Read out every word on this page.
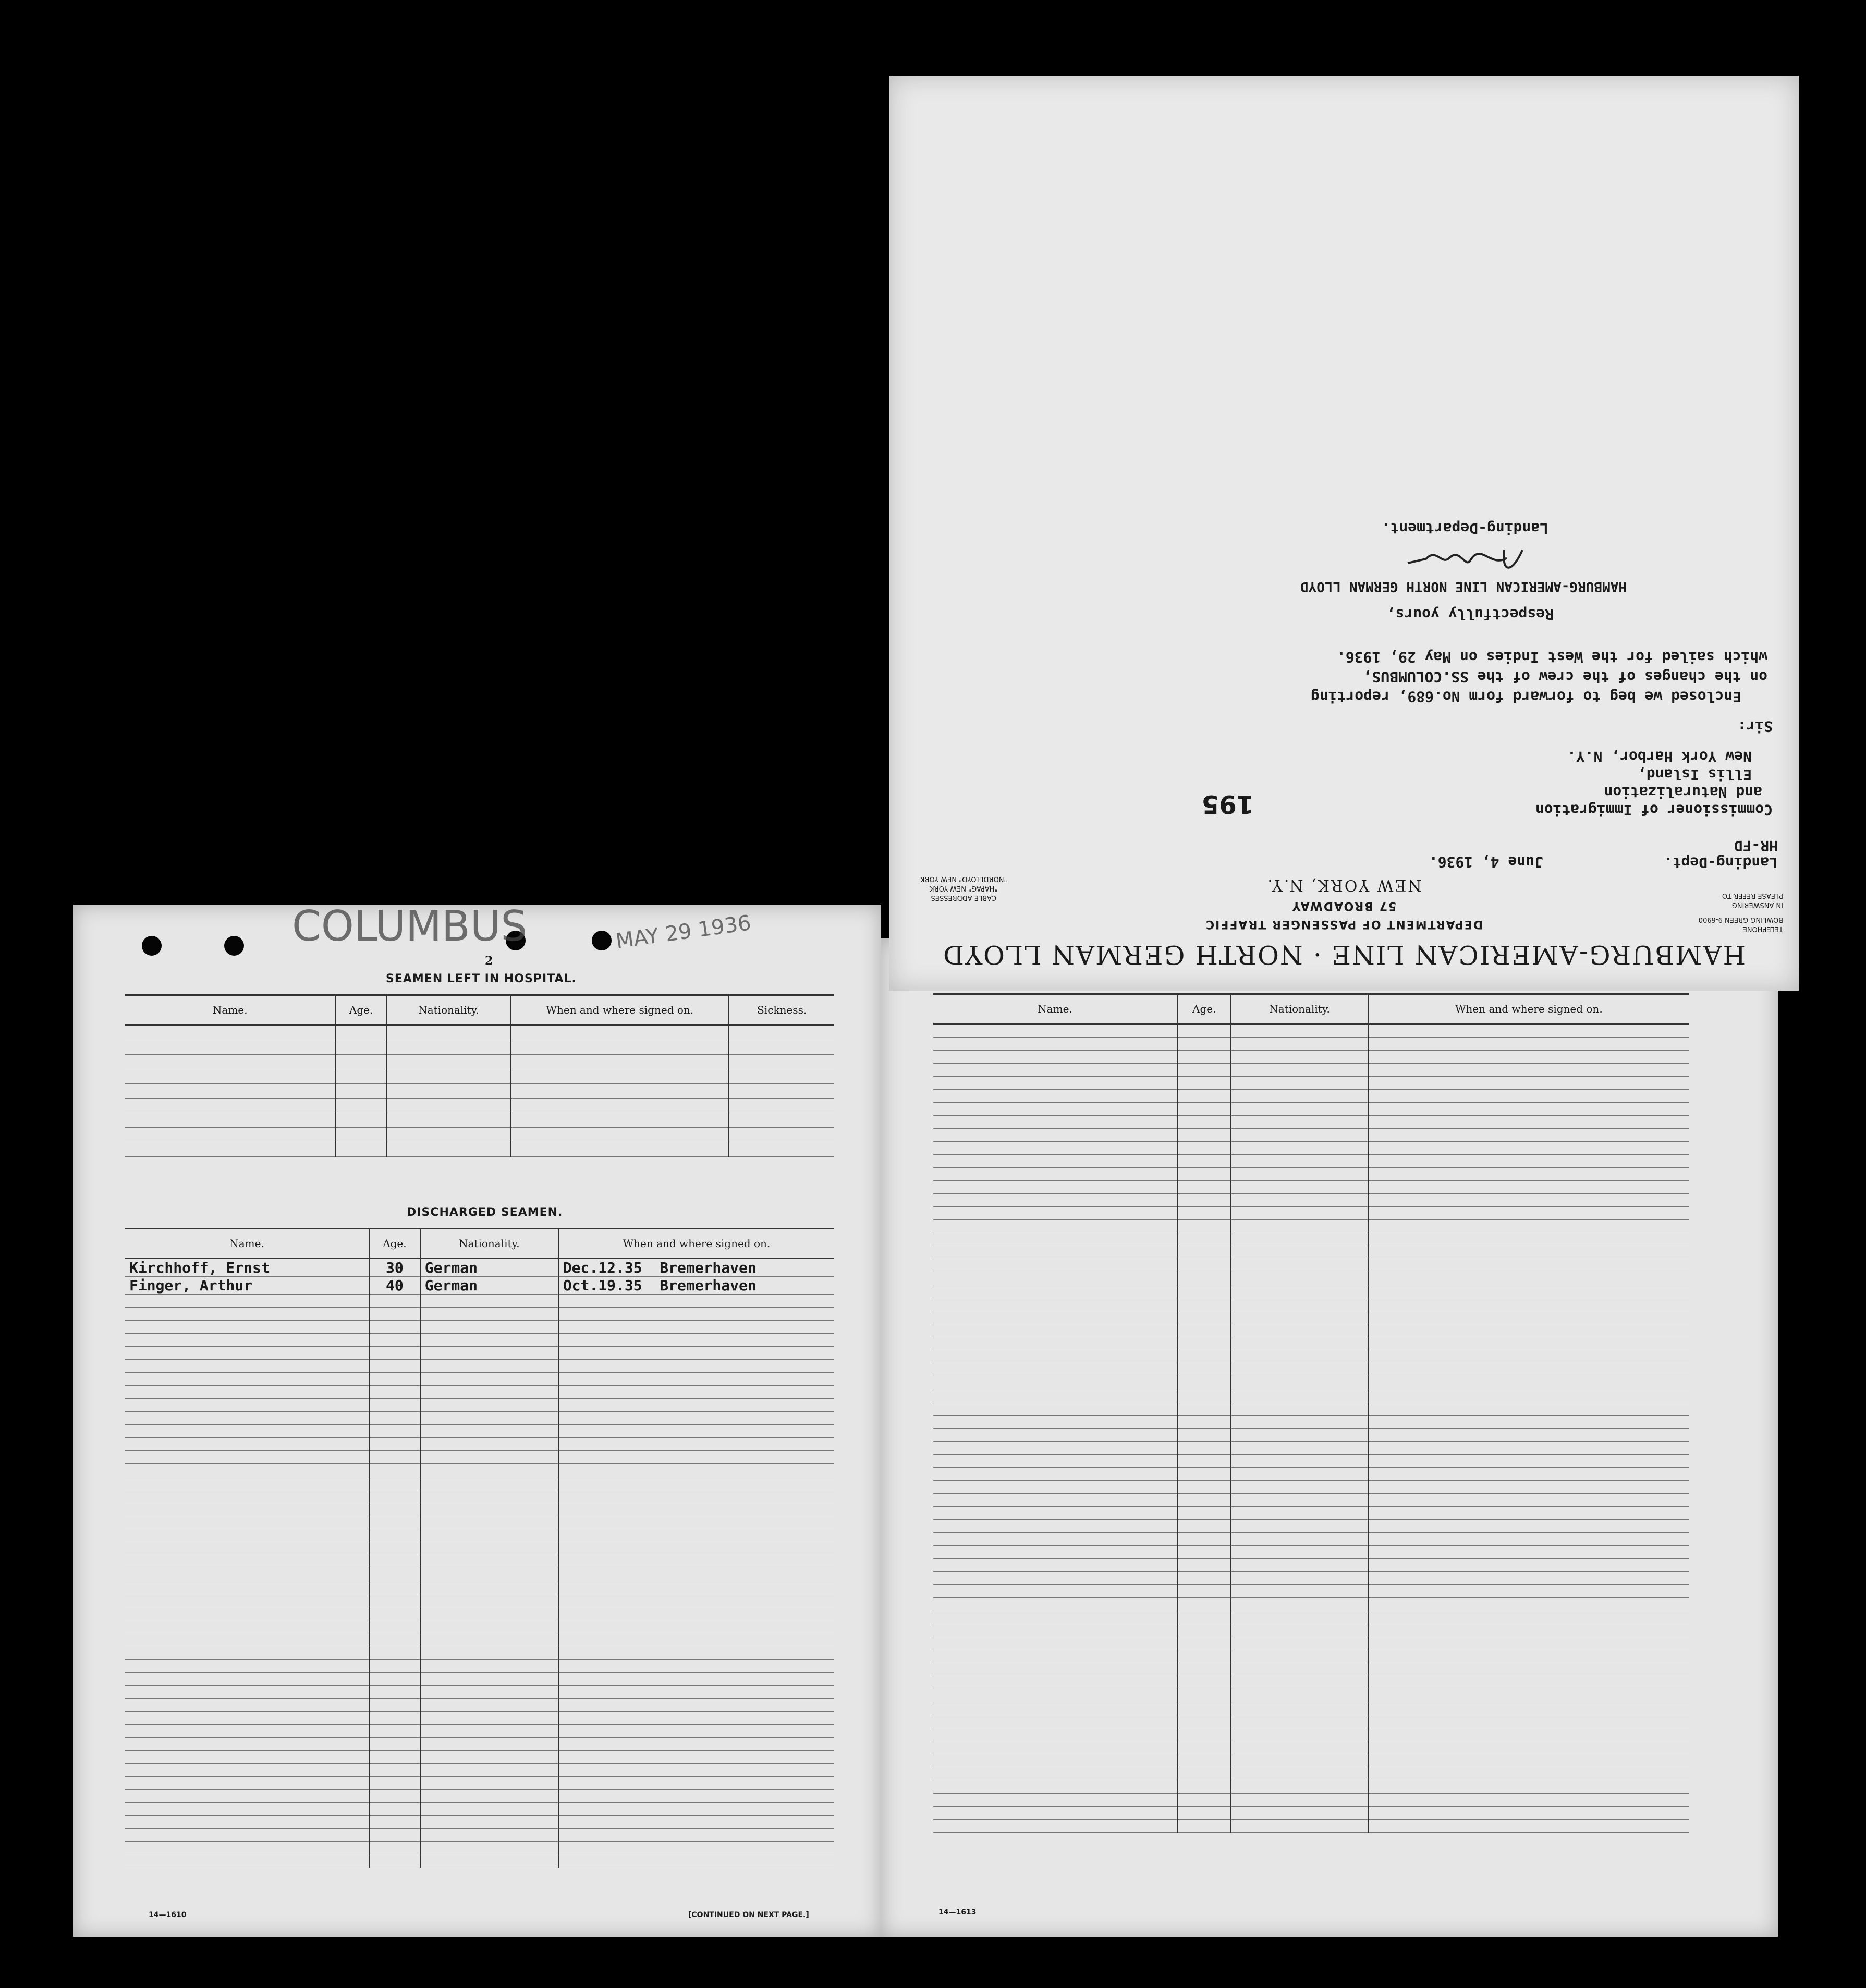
COLUMBUS	MAY 29 1936
2
SEAMEN LEFT IN HOSPITAL.
Name.	Age.	Nationality.	When and where signed on.	Sickness.

DISCHARGED SEAMEN.
Name.	Age.	Nationality.	When and where signed on.
Kirchhoff, Ernst	30	German	Dec.12.35 Bremerhaven
Finger, Arthur	40	German	Oct.19.35 Bremerhaven

14—1610	[CONTINUED ON NEXT PAGE.]
Name.	Age.	Nationality.	When and where signed on.

14—1613
HAMBURG-AMERICAN LINE · NORTH GERMAN LLOYD
DEPARTMENT OF PASSENGER TRAFFIC
57 BROADWAY
NEW YORK, N.Y.
TELEPHONE
BOWLING GREEN 9-6900
IN ANSWERING
PLEASE REFER TO
CABLE ADDRESSES
"HAPAG" NEW YORK
"NORDLLOYD" NEW YORK
Landing-Dept.
HR-FD
June 4, 1936.
Commissioner of Immigration
and Naturalization
Ellis Island,
New York Harbor, N.Y.
195
Sir:
Enclosed we beg to forward form No.689, reporting
on the changes of the crew of the SS.COLUMBUS,
which sailed for the West Indies on May 29, 1936.
Respectfully yours,
HAMBURG-AMERICAN LINE NORTH GERMAN LLOYD
Landing-Department.
